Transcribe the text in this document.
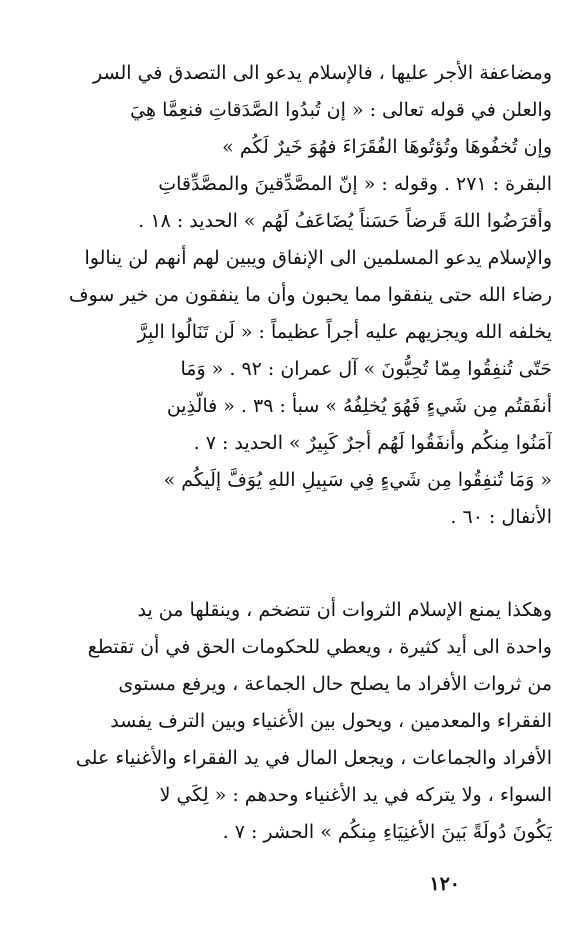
ومضاعفة الأجر عليها ، فالإسلام يدعو الى التصدق في السر
والعلن في قوله تعالى : « إن تُبدُوا الصَّدَقاتِ فنعِمَّا هِيَ
وإن تُخفُوهَا وتُؤتُوهَا الفُقَرَاءَ فهُوَ خَيرٌ لَكُم »
البقرة : ٢٧١ . وقوله : « إنّ المصَّدِّقينَ والمصَّدِّقاتِ
وأقرَضُوا اللهَ قَرضاً حَسَناً يُضَاعَفُ لَهُم » الحديد : ١٨ .
والإسلام يدعو المسلمين الى الإنفاق ويبين لهم أنهم لن ينالوا
رضاء الله حتى ينفقوا مما يحبون وأن ما ينفقون من خير سوف
يخلفه الله ويجزيهم عليه أجراً عظيماً : « لَن تَنَالُوا البِرَّ
حَتّى تُنفِقُوا مِمّا تُحِبُّونَ » آل عمران : ٩٢ . « وَمَا
أنفَقتُم مِن شَيءٍ فَهُوَ يُخلِفُهُ » سبأ : ٣٩ . « فالّذِين
آمَنُوا مِنكُم وأنفَقُوا لَهُم أجرٌ كَبِيرٌ » الحديد : ٧ .
« وَمَا تُنفِقُوا مِن شَيءٍ فِي سَبِيلِ اللهِ يُوَفَّ إلَيكُم »
الأنفال : ٦٠ .
وهكذا يمنع الإسلام الثروات أن تتضخم ، وينقلها من يد
واحدة الى أيد كثيرة ، ويعطي للحكومات الحق في أن تقتطع
من ثروات الأفراد ما يصلح حال الجماعة ، ويرفع مستوى
الفقراء والمعدمين ، ويحول بين الأغنياء وبين الترف يفسد
الأفراد والجماعات ، ويجعل المال في يد الفقراء والأغنياء على
السواء ، ولا يتركه في يد الأغنياء وحدهم : « لِكَي لا
يَكُونَ دُولَةً بَينَ الأغنِيَاءِ مِنكُم » الحشر : ٧ .
١٢٠
